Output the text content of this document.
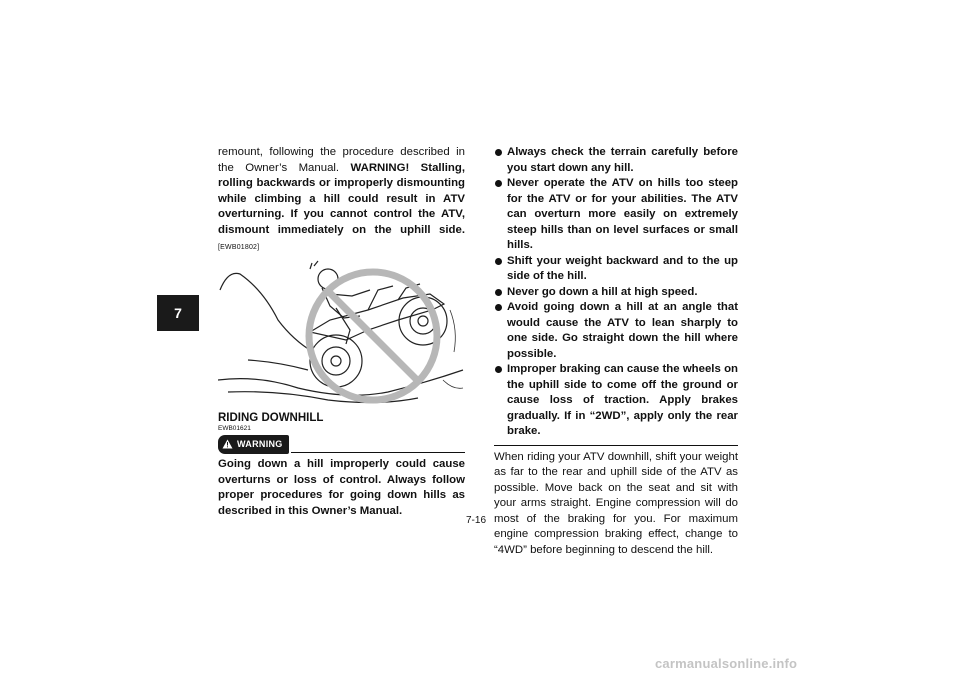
7
remount, following the procedure described in the Owner’s Manual. WARNING! Stalling, rolling backwards or improperly dismounting while climbing a hill could result in ATV overturning. If you cannot control the ATV, dismount immediately on the uphill side. [EWB01802]
RIDING DOWNHILL
EWB01621
WARNING
Going down a hill improperly could cause overturns or loss of control. Always follow proper procedures for going down hills as described in this Owner’s Manual.
Always check the terrain carefully before you start down any hill.
Never operate the ATV on hills too steep for the ATV or for your abilities. The ATV can overturn more easily on extremely steep hills than on level surfaces or small hills.
Shift your weight backward and to the up side of the hill.
Never go down a hill at high speed.
Avoid going down a hill at an angle that would cause the ATV to lean sharply to one side. Go straight down the hill where possible.
Improper braking can cause the wheels on the uphill side to come off the ground or cause loss of traction. Apply brakes gradually. If in “2WD”, apply only the rear brake.
When riding your ATV downhill, shift your weight as far to the rear and uphill side of the ATV as possible. Move back on the seat and sit with your arms straight. Engine compression will do most of the braking for you. For maximum engine compression braking effect, change to “4WD” before beginning to descend the hill.
7-16
carmanualsonline.info
